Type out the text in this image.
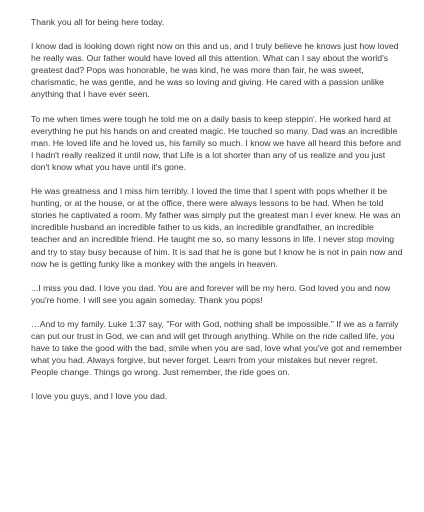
Thank you all for being here today.

I know dad is looking down right now on this and us, and I truly believe he knows just how loved he really was. Our father would have loved all this attention. What can I say about the world's greatest dad? Pops was honorable, he was kind, he was more than fair, he was sweet, charismatic, he was gentle, and he was so loving and giving. He cared with a passion unlike anything that I have ever seen.

To me when times were tough he told me on a daily basis to keep steppin'. He worked hard at everything he put his hands on and created magic. He touched so many. Dad was an incredible man. He loved life and he loved us, his family so much. I know we have all heard this before and I hadn't really realized it until now, that Life is a lot shorter than any of us realize and you just don't know what you have until it's gone.

He was greatness and I miss him terribly. I loved the time that I spent with pops whether it be hunting, or at the house, or at the office, there were always lessons to be had. When he told stories he captivated a room. My father was simply put the greatest man I ever knew. He was an incredible husband an incredible father to us kids, an incredible grandfather, an incredible teacher and an incredible friend. He taught me so, so many lessons in life. I never stop moving and try to stay busy because of him. It is sad that he is gone but I know he is not in pain now and now he is getting funky like a monkey with the angels in heaven.

...I miss you dad. I love you dad. You are and forever will be my hero. God loved you and now you're home. I will see you again someday. Thank you pops!

…And to my family. Luke 1:37 say, "For with God, nothing shall be impossible." If we as a family can put our trust in God, we can and will get through anything. While on the ride called life, you have to take the good with the bad, smile when you are sad, love what you've got and remember what you had. Always forgive, but never forget. Learn from your mistakes but never regret. People change. Things go wrong. Just remember, the ride goes on.

I love you guys, and I love you dad.
